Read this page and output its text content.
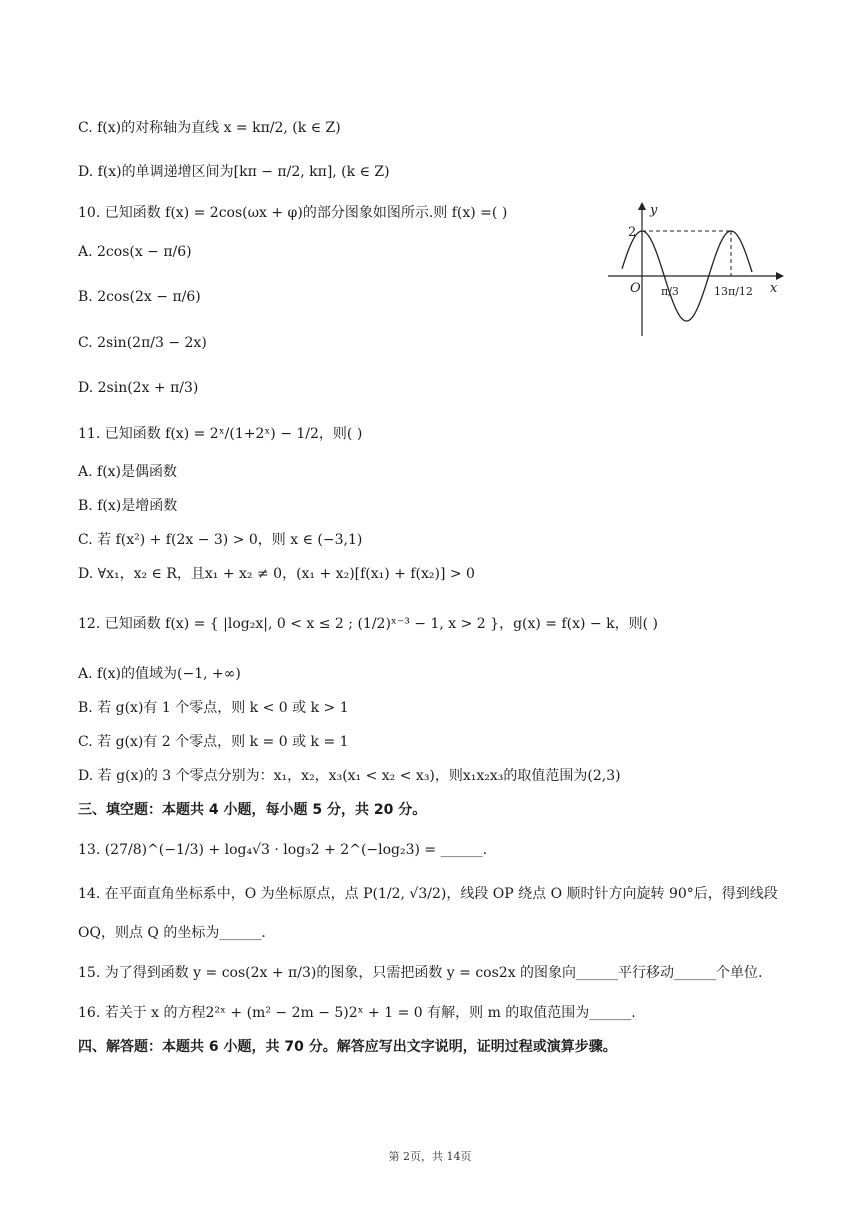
C. f(x)的对称轴为直线 x = kπ/2, (k ∈ Z)
D. f(x)的单调递增区间为[kπ − π/2, kπ], (k ∈ Z)
10. 已知函数 f(x) = 2cos(ωx + φ)的部分图象如图所示.则 f(x) =( )
A. 2cos(x − π/6)
B. 2cos(2x − π/6)
C. 2sin(2π/3 − 2x)
D. 2sin(2x + π/3)
11. 已知函数 f(x) = 2ˣ/(1+2ˣ) − 1/2，则( )
A. f(x)是偶函数
B. f(x)是增函数
C. 若 f(x²) + f(2x − 3) > 0，则 x ∈ (−3,1)
D. ∀x₁，x₂ ∈ R，且x₁ + x₂ ≠ 0，(x₁ + x₂)[f(x₁) + f(x₂)] > 0
12. 已知函数 f(x) = { |log₂x|, 0 < x ≤ 2 ; (1/2)ˣ⁻³ − 1, x > 2 }，g(x) = f(x) − k，则( )
A. f(x)的值域为(−1, +∞)
B. 若 g(x)有 1 个零点，则 k < 0 或 k > 1
C. 若 g(x)有 2 个零点，则 k = 0 或 k = 1
D. 若 g(x)的 3 个零点分别为：x₁，x₂，x₃(x₁ < x₂ < x₃)，则x₁x₂x₃的取值范围为(2,3)
三、填空题：本题共 4 小题，每小题 5 分，共 20 分。
13. (27/8)^(−1/3) + log₄√3 · log₃2 + 2^(−log₂3) = ______.
14. 在平面直角坐标系中，O 为坐标原点，点 P(1/2, √3/2)，线段 OP 绕点 O 顺时针方向旋转 90°后，得到线段
OQ，则点 Q 的坐标为______.
15. 为了得到函数 y = cos(2x + π/3)的图象，只需把函数 y = cos2x 的图象向______平行移动______个单位.
16. 若关于 x 的方程2²ˣ + (m² − 2m − 5)2ˣ + 1 = 0 有解，则 m 的取值范围为______.
四、解答题：本题共 6 小题，共 70 分。解答应写出文字说明，证明过程或演算步骤。
y
x
O
2
π/3	13π/12
第 2页，共 14页
